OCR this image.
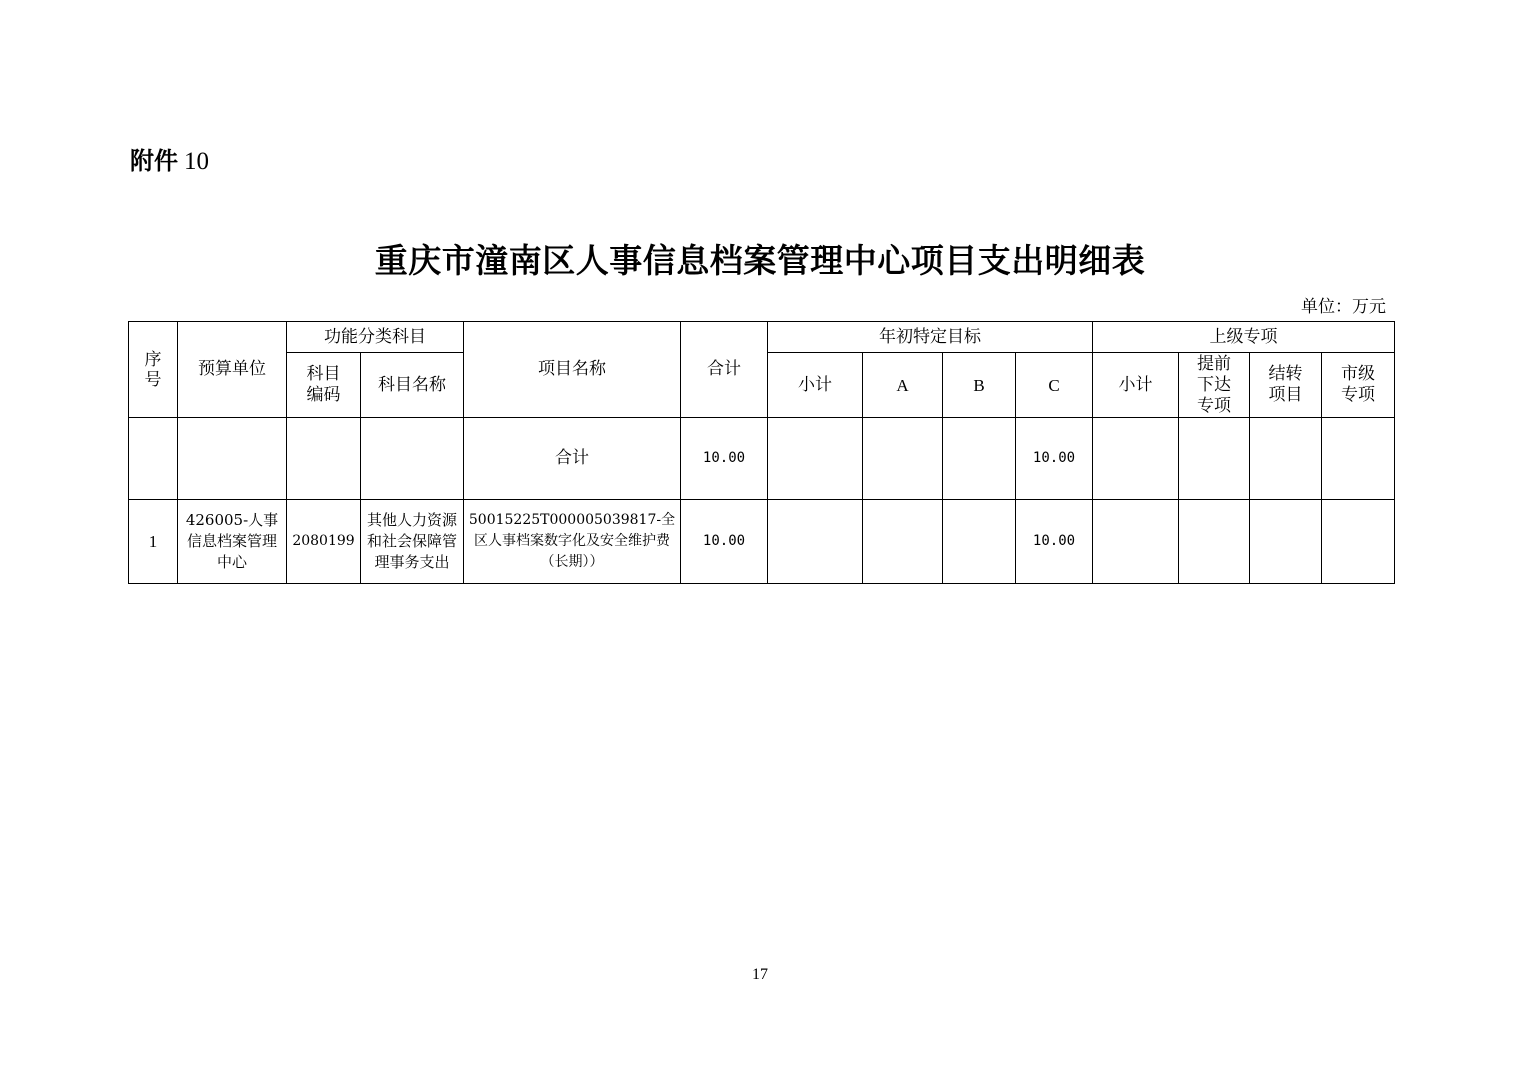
附件 10
重庆市潼南区人事信息档案管理中心项目支出明细表
单位：万元
序号	预算单位	功能分类科目		项目名称	合计	年初特定目标				上级专项			
		科目编码	科目名称			小计	A	B	C	小计	提前下达专项	结转项目	市级专项
				合计	10.00				10.00				
1	426005-人事信息档案管理中心	2080199	其他人力资源和社会保障管理事务支出	50015225T000005039817-全区人事档案数字化及安全维护费（长期））	10.00				10.00				
17
